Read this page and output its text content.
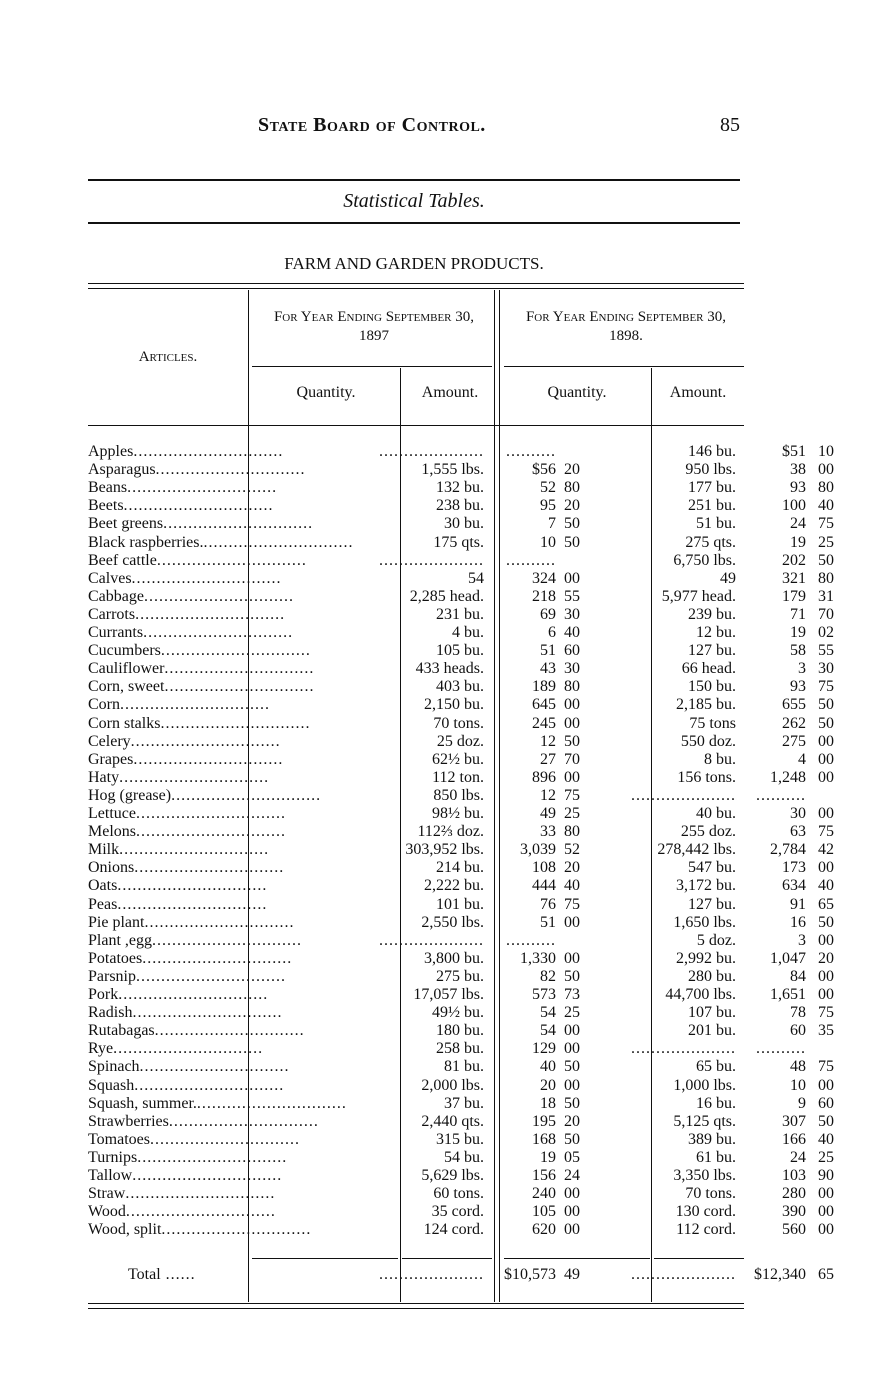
State Board of Control.	85
Statistical Tables.
FARM AND GARDEN PRODUCTS.
Articles.
For Year Ending September 30, 1897
For Year Ending September 30, 1898.
Quantity.	Amount.	Quantity.	Amount.
Apples..............................	.....................	..........	146 bu.	$51 10
Asparagus..............................	1,555 lbs.	$56 20	950 lbs.	38 00
Beans..............................	132 bu.	52 80	177 bu.	93 80
Beets..............................	238 bu.	95 20	251 bu.	100 40
Beet greens..............................	30 bu.	7 50	51 bu.	24 75
Black raspberries...............................	175 qts.	10 50	275 qts.	19 25
Beef cattle..............................	.....................	..........	6,750 lbs.	202 50
Calves..............................	54	324 00	49	321 80
Cabbage..............................	2,285 head.	218 55	5,977 head.	179 31
Carrots..............................	231 bu.	69 30	239 bu.	71 70
Currants..............................	4 bu.	6 40	12 bu.	19 02
Cucumbers..............................	105 bu.	51 60	127 bu.	58 55
Cauliflower..............................	433 heads.	43 30	66 head.	3 30
Corn, sweet..............................	403 bu.	189 80	150 bu.	93 75
Corn..............................	2,150 bu.	645 00	2,185 bu.	655 50
Corn stalks..............................	70 tons.	245 00	75 tons	262 50
Celery..............................	25 doz.	12 50	550 doz.	275 00
Grapes..............................	62½ bu.	27 70	8 bu.	4 00
Haty..............................	112 ton.	896 00	156 tons.	1,248 00
Hog (grease)..............................	850 lbs.	12 75	.....................	..........
Lettuce..............................	98½ bu.	49 25	40 bu.	30 00
Melons..............................	112⅔ doz.	33 80	255 doz.	63 75
Milk..............................	303,952 lbs.	3,039 52	278,442 lbs.	2,784 42
Onions..............................	214 bu.	108 20	547 bu.	173 00
Oats..............................	2,222 bu.	444 40	3,172 bu.	634 40
Peas..............................	101 bu.	76 75	127 bu.	91 65
Pie plant..............................	2,550 lbs.	51 00	1,650 lbs.	16 50
Plant ,egg..............................	.....................	..........	5 doz.	3 00
Potatoes..............................	3,800 bu.	1,330 00	2,992 bu.	1,047 20
Parsnip..............................	275 bu.	82 50	280 bu.	84 00
Pork..............................	17,057 lbs.	573 73	44,700 lbs.	1,651 00
Radish..............................	49½ bu.	54 25	107 bu.	78 75
Rutabagas..............................	180 bu.	54 00	201 bu.	60 35
Rye..............................	258 bu.	129 00	.....................	..........
Spinach..............................	81 bu.	40 50	65 bu.	48 75
Squash..............................	2,000 lbs.	20 00	1,000 lbs.	10 00
Squash, summer...............................	37 bu.	18 50	16 bu.	9 60
Strawberries..............................	2,440 qts.	195 20	5,125 qts.	307 50
Tomatoes..............................	315 bu.	168 50	389 bu.	166 40
Turnips..............................	54 bu.	19 05	61 bu.	24 25
Tallow..............................	5,629 lbs.	156 24	3,350 lbs.	103 90
Straw..............................	60 tons.	240 00	70 tons.	280 00
Wood..............................	35 cord.	105 00	130 cord.	390 00
Wood, split..............................	124 cord.	620 00	112 cord.	560 00
Total ......	.....................	$10,573 49	.....................	$12,340 65
